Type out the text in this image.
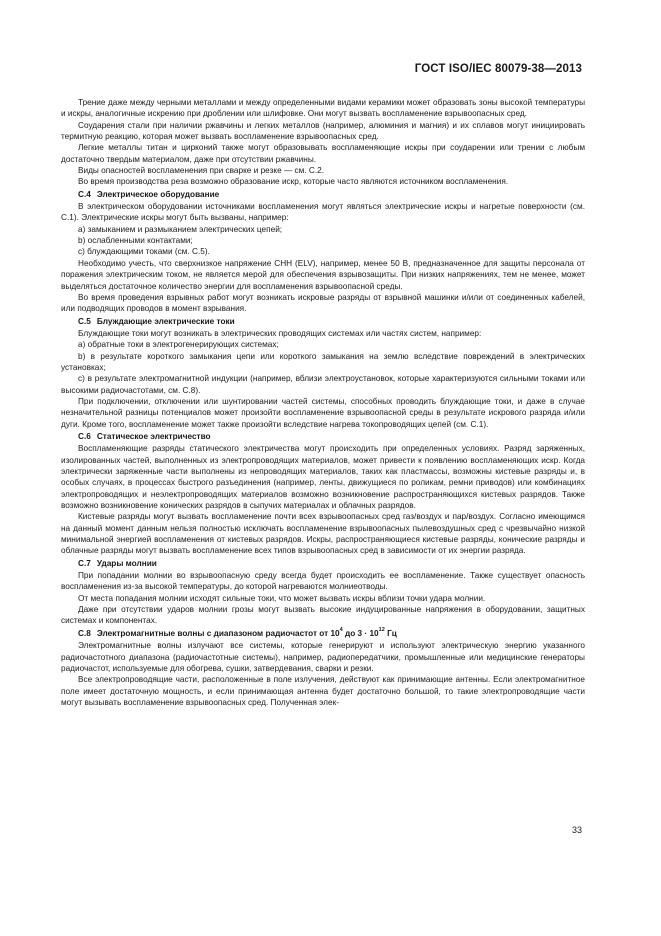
ГОСТ ISO/IEC 80079-38—2013

Трение даже между черными металлами и между определенными видами керамики может образовать зоны высокой температуры и искры, аналогичные искрению при дроблении или шлифовке. Они могут вызвать воспламенение взрывоопасных сред.

Соударения стали при наличии ржавчины и легких металлов (например, алюминия и магния) и их сплавов могут инициировать термитную реакцию, которая может вызвать воспламенение взрывоопасных сред.

Легкие металлы титан и цирконий также могут образовывать воспламеняющие искры при соударении или трении с любым достаточно твердым материалом, даже при отсутствии ржавчины.

Виды опасностей воспламенения при сварке и резке — см. С.2.

Во время производства реза возможно образование искр, которые часто являются источником воспламенения.

С.4 Электрическое оборудование

В электрическом оборудовании источниками воспламенения могут являться электрические искры и нагретые поверхности (см. С.1). Электрические искры могут быть вызваны, например:

а) замыканием и размыканием электрических цепей;

b) ослабленными контактами;

с) блуждающими токами (см. С.5).

Необходимо учесть, что сверхнизкое напряжение СНН (ELV), например, менее 50 В, предназначенное для защиты персонала от поражения электрическим током, не является мерой для обеспечения взрывозащиты. При низких напряжениях, тем не менее, может выделяться достаточное количество энергии для воспламенения взрывоопасной среды.

Во время проведения взрывных работ могут возникать искровые разряды от взрывной машинки и/или от соединенных кабелей, или подводящих проводов в момент взрывания.

С.5 Блуждающие электрические токи

Блуждающие токи могут возникать в электрических проводящих системах или частях систем, например:

а) обратные токи в электрогенерирующих системах;

b) в результате короткого замыкания цепи или короткого замыкания на землю вследствие повреждений в электрических установках;

с) в результате электромагнитной индукции (например, вблизи электроустановок, которые характеризуются сильными токами или высокими радиочастотами, см. С.8).

При подключении, отключении или шунтировании частей системы, способных проводить блуждающие токи, и даже в случае незначительной разницы потенциалов может произойти воспламенение взрывоопасной среды в результате искрового разряда и/или дуги. Кроме того, воспламенение может также произойти вследствие нагрева токопроводящих цепей (см. С.1).

С.6 Статическое электричество

Воспламеняющие разряды статического электричества могут происходить при определенных условиях. Разряд заряженных, изолированных частей, выполненных из электропроводящих материалов, может привести к появлению воспламеняющих искр. Когда электрически заряженные части выполнены из непроводящих материалов, таких как пластмассы, возможны кистевые разряды и, в особых случаях, в процессах быстрого разъединения (например, ленты, движущиеся по роликам, ремни приводов) или комбинациях электропроводящих и неэлектропроводящих материалов возможно возникновение распространяющихся кистевых разрядов. Также возможно возникновение конических разрядов в сыпучих материалах и облачных разрядов.

Кистевые разряды могут вызвать воспламенение почти всех взрывоопасных сред газ/воздух и пар/воздух. Согласно имеющимся на данный момент данным нельзя полностью исключать воспламенение взрывоопасных пылевоздушных сред с чрезвычайно низкой минимальной энергией воспламенения от кистевых разрядов. Искры, распространяющиеся кистевые разряды, конические разряды и облачные разряды могут вызвать воспламенение всех типов взрывоопасных сред в зависимости от их энергии разряда.

С.7 Удары молнии

При попадании молнии во взрывоопасную среду всегда будет происходить ее воспламенение. Также существует опасность воспламенения из-за высокой температуры, до которой нагреваются молниеотводы.

От места попадания молнии исходят сильные токи, что может вызвать искры вблизи точки удара молнии.

Даже при отсутствии ударов молнии грозы могут вызвать высокие индуцированные напряжения в оборудовании, защитных системах и компонентах.

С.8 Электромагнитные волны с диапазоном радиочастот от $10^4$ до $3 \cdot 10^{12}$ Гц

Электромагнитные волны излучают все системы, которые генерируют и используют электрическую энергию указанного радиочастотного диапазона (радиочастотные системы), например, радиопередатчики, промышленные или медицинские генераторы радиочастот, используемые для обогрева, сушки, затвердевания, сварки и резки.

Все электропроводящие части, расположенные в поле излучения, действуют как принимающие антенны. Если электромагнитное поле имеет достаточную мощность, и если принимающая антенна будет достаточно большой, то такие электропроводящие части могут вызывать воспламенение взрывоопасных сред. Полученная элек-

33
